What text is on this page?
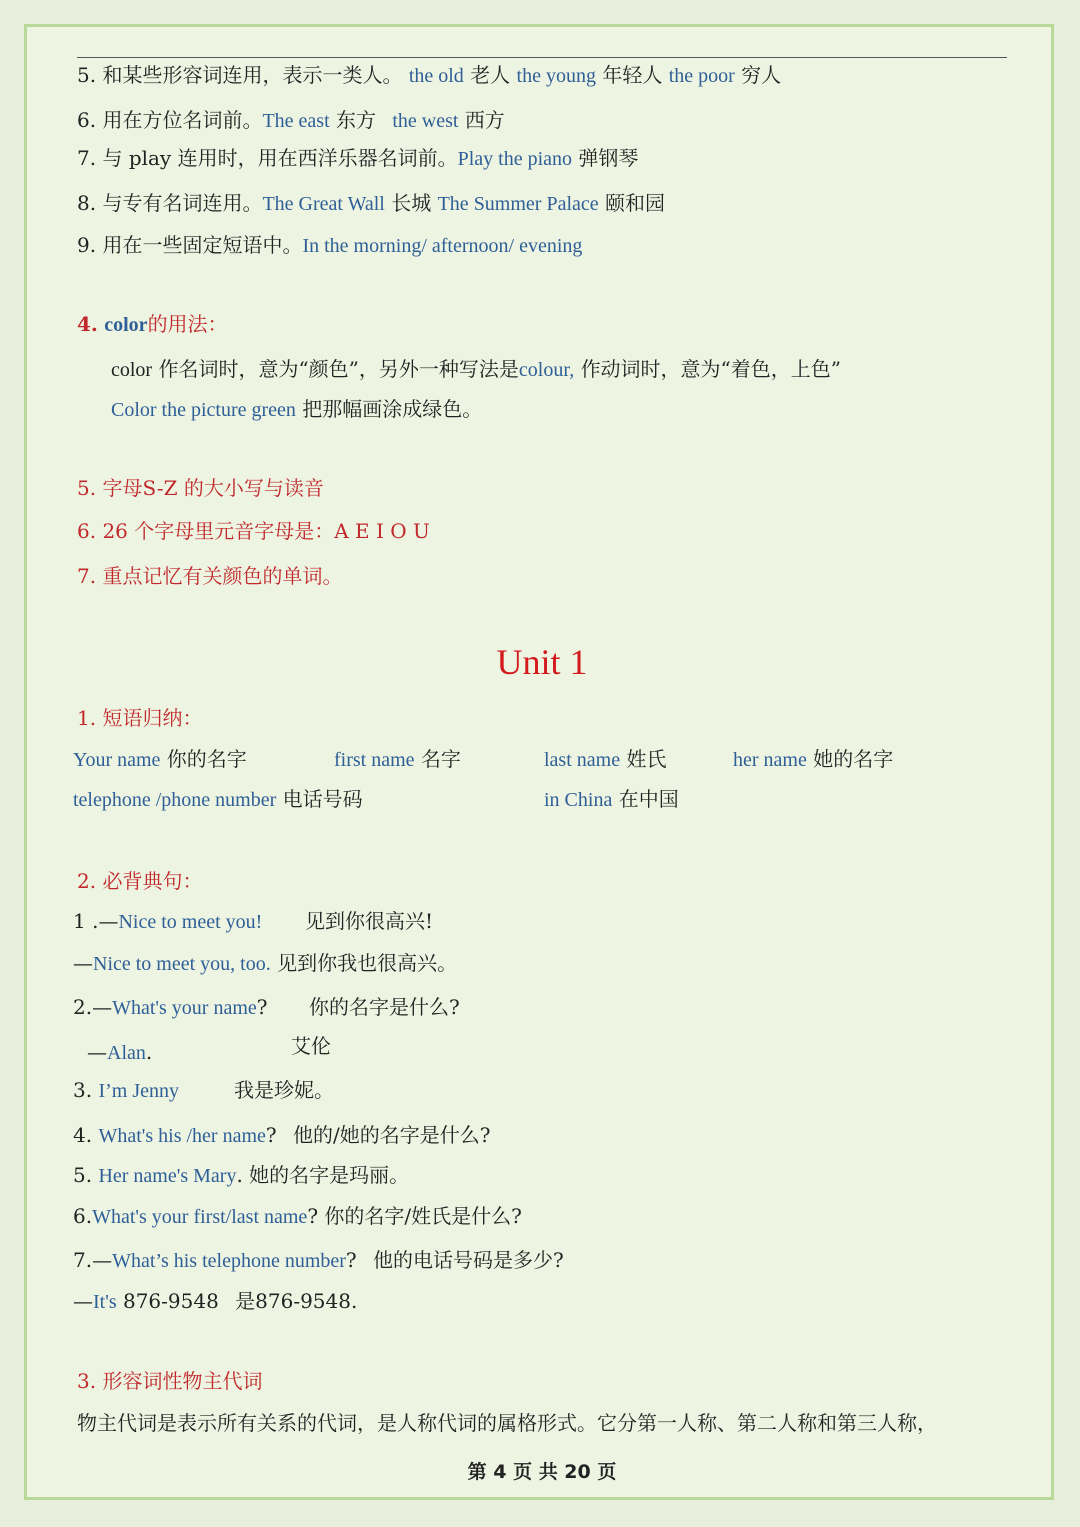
5. 和某些形容词连用，表示一类人。 the old 老人 the young 年轻人 the poor 穷人
6. 用在方位名词前。The east 东方 the west 西方
7. 与 play 连用时，用在西洋乐器名词前。Play the piano 弹钢琴
8. 与专有名词连用。The Great Wall 长城 The Summer Palace 颐和园
9. 用在一些固定短语中。In the morning/ afternoon/ evening
4. color的用法：
color 作名词时，意为“颜色”，另外一种写法是colour, 作动词时，意为“着色，上色”
Color the picture green 把那幅画涂成绿色。
5. 字母S-Z 的大小写与读音
6. 26 个字母里元音字母是：A E I O U
7. 重点记忆有关颜色的单词。
Unit 1
1. 短语归纳：
Your name 你的名字	first name 名字	last name 姓氏	her name 她的名字
telephone /phone number 电话号码	in China 在中国
2. 必背典句：
1 .—Nice to meet you! 见到你很高兴!
—Nice to meet you, too. 见到你我也很高兴。
2.—What's your name? 你的名字是什么?
—Alan.	艾伦
3. I’m Jenny	我是珍妮。
4. What's his /her name? 他的/她的名字是什么?
5. Her name's Mary. 她的名字是玛丽。
6.What's your first/last name? 你的名字/姓氏是什么?
7.—What’s his telephone number? 他的电话号码是多少?
—It's 876-9548 是876-9548.
3. 形容词性物主代词
物主代词是表示所有关系的代词，是人称代词的属格形式。它分第一人称、第二人称和第三人称，
第 4 页 共 20 页
